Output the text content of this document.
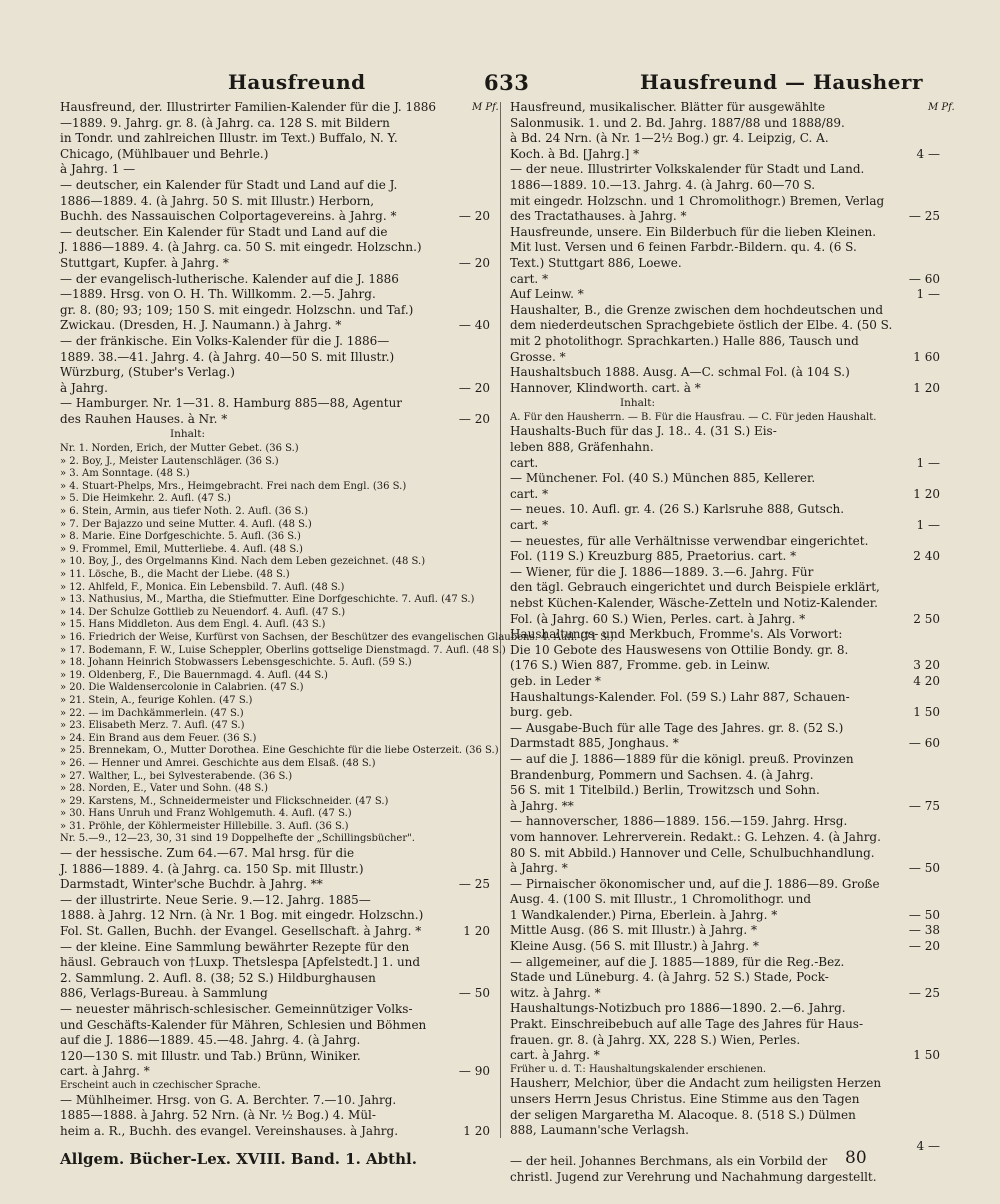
Hausfreund	633	Hausfreund — Hausherr
M Pf.	M Pf.
Hausfreund, der. Illustrirter Familien-Kalender für die J. 1886
—1889. 9. Jahrg. gr. 8. (à Jahrg. ca. 128 S. mit Bildern
in Tondr. und zahlreichen Illustr. im Text.) Buffalo, N. Y.
Chicago, (Mühlbauer und Behrle.)
à Jahrg. 1 —
— deutscher, ein Kalender für Stadt und Land auf die J.
1886—1889. 4. (à Jahrg. 50 S. mit Illustr.) Herborn,
Buchh. des Nassauischen Colportagevereins. à Jahrg. *	— 20
— deutscher. Ein Kalender für Stadt und Land auf die
J. 1886—1889. 4. (à Jahrg. ca. 50 S. mit eingedr. Holzschn.)
Stuttgart, Kupfer. à Jahrg. *	— 20
— der evangelisch-lutherische. Kalender auf die J. 1886
—1889. Hrsg. von O. H. Th. Willkomm. 2.—5. Jahrg.
gr. 8. (80; 93; 109; 150 S. mit eingedr. Holzschn. und Taf.)
Zwickau. (Dresden, H. J. Naumann.) à Jahrg. *	— 40
— der fränkische. Ein Volks-Kalender für die J. 1886—
1889. 38.—41. Jahrg. 4. (à Jahrg. 40—50 S. mit Illustr.)
Würzburg, (Stuber's Verlag.)
à Jahrg.	— 20
— Hamburger. Nr. 1—31. 8. Hamburg 885—88, Agentur
des Rauhen Hauses. à Nr. *	— 20
Inhalt:
Nr. 1. Norden, Erich, der Mutter Gebet. (36 S.)
» 2. Boy, J., Meister Lautenschläger. (36 S.)
» 3. Am Sonntage. (48 S.)
» 4. Stuart-Phelps, Mrs., Heimgebracht. Frei nach dem Engl. (36 S.)
» 5. Die Heimkehr. 2. Aufl. (47 S.)
» 6. Stein, Armin, aus tiefer Noth. 2. Aufl. (36 S.)
» 7. Der Bajazzo und seine Mutter. 4. Aufl. (48 S.)
» 8. Marie. Eine Dorfgeschichte. 5. Aufl. (36 S.)
» 9. Frommel, Emil, Mutterliebe. 4. Aufl. (48 S.)
» 10. Boy, J., des Orgelmanns Kind. Nach dem Leben gezeichnet. (48 S.)
» 11. Lösche, B., die Macht der Liebe. (48 S.)
» 12. Ahlfeld, F., Monica. Ein Lebensbild. 7. Aufl. (48 S.)
» 13. Nathusius, M., Martha, die Stiefmutter. Eine Dorfgeschichte. 7. Aufl. (47 S.)
» 14. Der Schulze Gottlieb zu Neuendorf. 4. Aufl. (47 S.)
» 15. Hans Middleton. Aus dem Engl. 4. Aufl. (43 S.)
» 16. Friedrich der Weise, Kurfürst von Sachsen, der Beschützer des evangelischen Glaubens. 4. Aufl. (71 S.)
» 17. Bodemann, F. W., Luise Scheppler, Oberlins gottselige Dienstmagd. 7. Aufl. (48 S.)
» 18. Johann Heinrich Stobwassers Lebensgeschichte. 5. Aufl. (59 S.)
» 19. Oldenberg, F., Die Bauernmagd. 4. Aufl. (44 S.)
» 20. Die Waldensercolonie in Calabrien. (47 S.)
» 21. Stein, A., feurige Kohlen. (47 S.)
» 22. — im Dachkämmerlein. (47 S.)
» 23. Elisabeth Merz. 7. Aufl. (47 S.)
» 24. Ein Brand aus dem Feuer. (36 S.)
» 25. Brennekam, O., Mutter Dorothea. Eine Geschichte für die liebe Osterzeit. (36 S.)
» 26. — Henner und Amrei. Geschichte aus dem Elsaß. (48 S.)
» 27. Walther, L., bei Sylvesterabende. (36 S.)
» 28. Norden, E., Vater und Sohn. (48 S.)
» 29. Karstens, M., Schneidermeister und Flickschneider. (47 S.)
» 30. Hans Unruh und Franz Wohlgemuth. 4. Aufl. (47 S.)
» 31. Pröhle, der Köhlermeister Hillebille. 3. Aufl. (36 S.)
Nr. 5.—9., 12—23, 30, 31 sind 19 Doppelhefte der „Schillingsbücher".
— der hessische. Zum 64.—67. Mal hrsg. für die
J. 1886—1889. 4. (à Jahrg. ca. 150 Sp. mit Illustr.)
Darmstadt, Winter'sche Buchdr. à Jahrg. **	— 25
— der illustrirte. Neue Serie. 9.—12. Jahrg. 1885—
1888. à Jahrg. 12 Nrn. (à Nr. 1 Bog. mit eingedr. Holzschn.)
Fol. St. Gallen, Buchh. der Evangel. Gesellschaft. à Jahrg. *	1 20
— der kleine. Eine Sammlung bewährter Rezepte für den
häusl. Gebrauch von †Luxp. Thetslespa [Apfelstedt.] 1. und
2. Sammlung. 2. Aufl. 8. (38; 52 S.) Hildburghausen
886, Verlags-Bureau. à Sammlung	— 50
— neuester mährisch-schlesischer. Gemeinnütziger Volks-
und Geschäfts-Kalender für Mähren, Schlesien und Böhmen
auf die J. 1886—1889. 45.—48. Jahrg. 4. (à Jahrg.
120—130 S. mit Illustr. und Tab.) Brünn, Winiker.
cart. à Jahrg. *	— 90
Erscheint auch in czechischer Sprache.
— Mühlheimer. Hrsg. von G. A. Berchter. 7.—10. Jahrg.
1885—1888. à Jahrg. 52 Nrn. (à Nr. ½ Bog.) 4. Mül-
heim a. R., Buchh. des evangel. Vereinshauses. à Jahrg.	1 20
Hausfreund, musikalischer. Blätter für ausgewählte
Salonmusik. 1. und 2. Bd. Jahrg. 1887/88 und 1888/89.
à Bd. 24 Nrn. (à Nr. 1—2½ Bog.) gr. 4. Leipzig, C. A.
Koch. à Bd. [Jahrg.] *	4 —
— der neue. Illustrirter Volkskalender für Stadt und Land.
1886—1889. 10.—13. Jahrg. 4. (à Jahrg. 60—70 S.
mit eingedr. Holzschn. und 1 Chromolithogr.) Bremen, Verlag
des Tractathauses. à Jahrg. *	— 25
Hausfreunde, unsere. Ein Bilderbuch für die lieben Kleinen.
Mit lust. Versen und 6 feinen Farbdr.-Bildern. qu. 4. (6 S.
Text.) Stuttgart 886, Loewe.
cart. *	— 60
Auf Leinw. *	1 —
Haushalter, B., die Grenze zwischen dem hochdeutschen und
dem niederdeutschen Sprachgebiete östlich der Elbe. 4. (50 S.
mit 2 photolithogr. Sprachkarten.) Halle 886, Tausch und
Grosse. *	1 60
Haushaltsbuch 1888. Ausg. A—C. schmal Fol. (à 104 S.)
Hannover, Klindworth. cart. à *	1 20
Inhalt:
A. Für den Hausherrn. — B. Für die Hausfrau. — C. Für jeden Haushalt.
Haushalts-Buch für das J. 18.. 4. (31 S.) Eis-
leben 888, Gräfenhahn.
cart.	1 —
— Münchener. Fol. (40 S.) München 885, Kellerer.
cart. *	1 20
— neues. 10. Aufl. gr. 4. (26 S.) Karlsruhe 888, Gutsch.
cart. *	1 —
— neuestes, für alle Verhältnisse verwendbar eingerichtet.
Fol. (119 S.) Kreuzburg 885, Praetorius. cart. *	2 40
— Wiener, für die J. 1886—1889. 3.—6. Jahrg. Für
den tägl. Gebrauch eingerichtet und durch Beispiele erklärt,
nebst Küchen-Kalender, Wäsche-Zetteln und Notiz-Kalender.
Fol. (à Jahrg. 60 S.) Wien, Perles. cart. à Jahrg. *	2 50
Haushaltungs- und Merkbuch, Fromme's. Als Vorwort:
Die 10 Gebote des Hauswesens von Ottilie Bondy. gr. 8.
(176 S.) Wien 887, Fromme. geb. in Leinw.	3 20
geb. in Leder *	4 20
Haushaltungs-Kalender. Fol. (59 S.) Lahr 887, Schauen-
burg. geb.	1 50
— Ausgabe-Buch für alle Tage des Jahres. gr. 8. (52 S.)
Darmstadt 885, Jonghaus. *	— 60
— auf die J. 1886—1889 für die königl. preuß. Provinzen
Brandenburg, Pommern und Sachsen. 4. (à Jahrg.
56 S. mit 1 Titelbild.) Berlin, Trowitzsch und Sohn.
à Jahrg. **	— 75
— hannoverscher, 1886—1889. 156.—159. Jahrg. Hrsg.
vom hannover. Lehrerverein. Redakt.: G. Lehzen. 4. (à Jahrg.
80 S. mit Abbild.) Hannover und Celle, Schulbuchhandlung.
à Jahrg. *	— 50
— Pirnaischer ökonomischer und, auf die J. 1886—89. Große
Ausg. 4. (100 S. mit Illustr., 1 Chromolithogr. und
1 Wandkalender.) Pirna, Eberlein. à Jahrg. *	— 50
Mittle Ausg. (86 S. mit Illustr.) à Jahrg. *	— 38
Kleine Ausg. (56 S. mit Illustr.) à Jahrg. *	— 20
— allgemeiner, auf die J. 1885—1889, für die Reg.-Bez.
Stade und Lüneburg. 4. (à Jahrg. 52 S.) Stade, Pock-
witz. à Jahrg. *	— 25
Haushaltungs-Notizbuch pro 1886—1890. 2.—6. Jahrg.
Prakt. Einschreibebuch auf alle Tage des Jahres für Haus-
frauen. gr. 8. (à Jahrg. XX, 228 S.) Wien, Perles.
cart. à Jahrg. *	1 50
Früher u. d. T.: Haushaltungskalender erschienen.
Hausherr, Melchior, über die Andacht zum heiligsten Herzen
unsers Herrn Jesus Christus. Eine Stimme aus den Tagen
der seligen Margaretha M. Alacoque. 8. (518 S.) Dülmen
888, Laumann'sche Verlagsh.
4 —
— der heil. Johannes Berchmans, als ein Vorbild der
christl. Jugend zur Verehrung und Nachahmung dargestellt.
Allgem. Bücher-Lex. XVIII. Band. 1. Abthl.	80
